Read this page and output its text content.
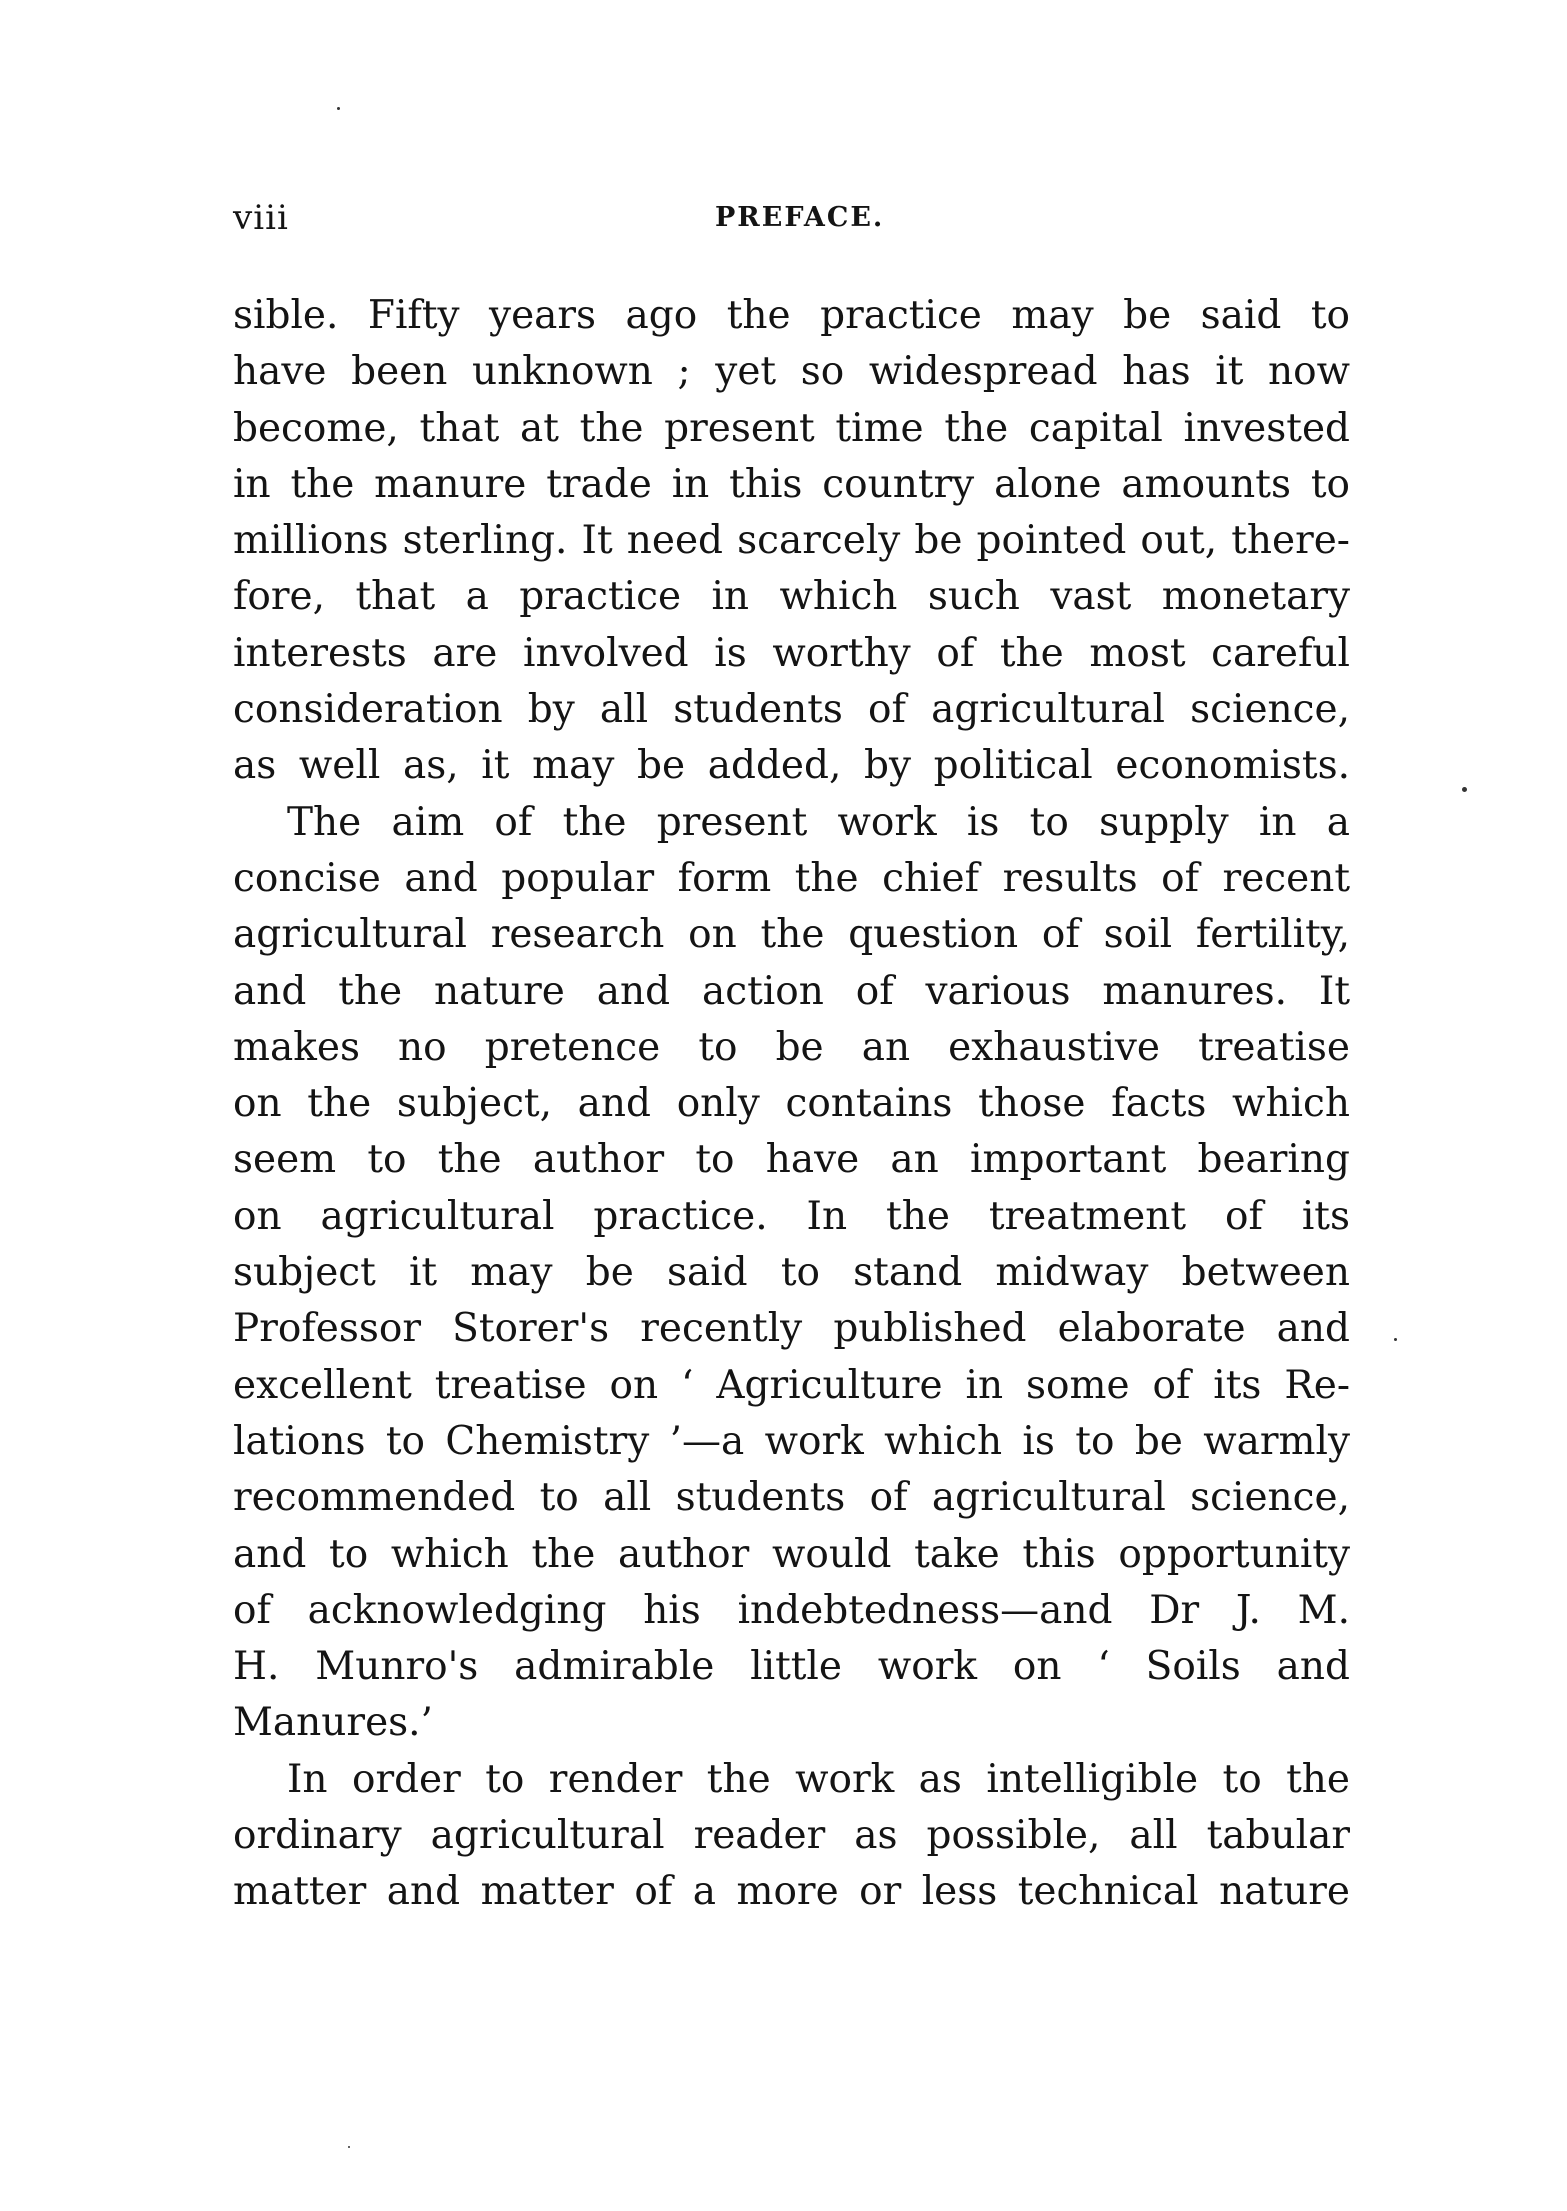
viii	PREFACE.
sible. Fifty years ago the practice may be said to
have been unknown ; yet so widespread has it now
become, that at the present time the capital invested
in the manure trade in this country alone amounts to
millions sterling. It need scarcely be pointed out, there-
fore, that a practice in which such vast monetary
interests are involved is worthy of the most careful
consideration by all students of agricultural science,
as well as, it may be added, by political economists.
The aim of the present work is to supply in a
concise and popular form the chief results of recent
agricultural research on the question of soil fertility,
and the nature and action of various manures. It
makes no pretence to be an exhaustive treatise
on the subject, and only contains those facts which
seem to the author to have an important bearing
on agricultural practice. In the treatment of its
subject it may be said to stand midway between
Professor Storer's recently published elaborate and
excellent treatise on ‘ Agriculture in some of its Re-
lations to Chemistry ’—a work which is to be warmly
recommended to all students of agricultural science,
and to which the author would take this opportunity
of acknowledging his indebtedness—and Dr J. M.
H. Munro's admirable little work on ‘ Soils and
Manures.’
In order to render the work as intelligible to the
ordinary agricultural reader as possible, all tabular
matter and matter of a more or less technical nature
